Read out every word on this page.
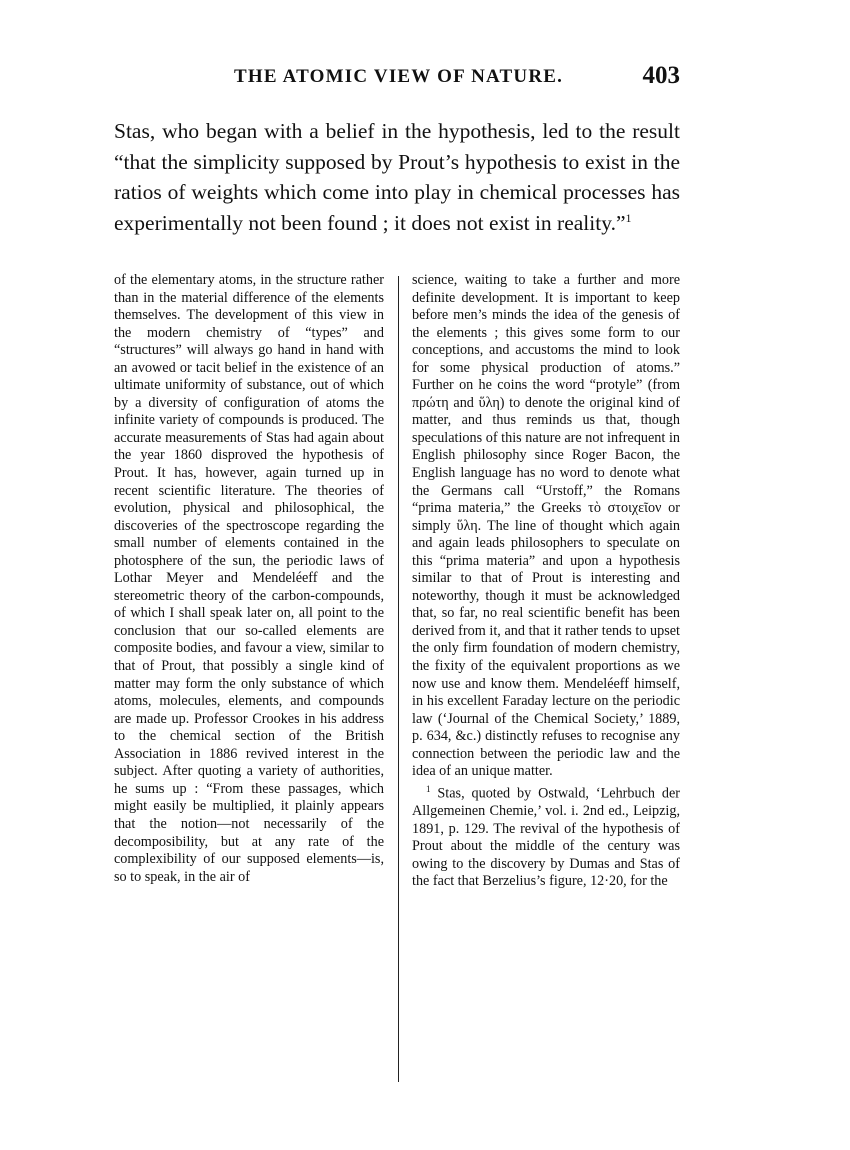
THE ATOMIC VIEW OF NATURE.	403

Stas, who began with a belief in the hypothesis, led to the result “that the simplicity supposed by Prout’s hypothesis to exist in the ratios of weights which come into play in chemical processes has experimentally not been found ; it does not exist in reality.”$^1$

of the elementary atoms, in the structure rather than in the material difference of the elements themselves. The development of this view in the modern chemistry of “types” and “structures” will always go hand in hand with an avowed or tacit belief in the existence of an ultimate uniformity of substance, out of which by a diversity of configuration of atoms the infinite variety of compounds is produced. The accurate measurements of Stas had again about the year 1860 disproved the hypothesis of Prout. It has, however, again turned up in recent scientific literature. The theories of evolution, physical and philosophical, the discoveries of the spectroscope regarding the small number of elements contained in the photosphere of the sun, the periodic laws of Lothar Meyer and Mendeléeff and the stereometric theory of the carbon-compounds, of which I shall speak later on, all point to the conclusion that our so-called elements are composite bodies, and favour a view, similar to that of Prout, that possibly a single kind of matter may form the only substance of which atoms, molecules, elements, and compounds are made up. Professor Crookes in his address to the chemical section of the British Association in 1886 revived interest in the subject. After quoting a variety of authorities, he sums up : “From these passages, which might easily be multiplied, it plainly appears that the notion—not necessarily of the decomposibility, but at any rate of the complexibility of our supposed elements—is, so to speak, in the air of

science, waiting to take a further and more definite development. It is important to keep before men’s minds the idea of the genesis of the elements ; this gives some form to our conceptions, and accustoms the mind to look for some physical production of atoms.” Further on he coins the word “protyle” (from πρώτη and ὕλη) to denote the original kind of matter, and thus reminds us that, though speculations of this nature are not infrequent in English philosophy since Roger Bacon, the English language has no word to denote what the Germans call “Urstoff,” the Romans “prima materia,” the Greeks τὸ στοιχεῖον or simply ὕλη. The line of thought which again and again leads philosophers to speculate on this “prima materia” and upon a hypothesis similar to that of Prout is interesting and noteworthy, though it must be acknowledged that, so far, no real scientific benefit has been derived from it, and that it rather tends to upset the only firm foundation of modern chemistry, the fixity of the equivalent proportions as we now use and know them. Mendeléeff himself, in his excellent Faraday lecture on the periodic law (‘Journal of the Chemical Society,’ 1889, p. 634, &c.) distinctly refuses to recognise any connection between the periodic law and the idea of an unique matter.

$^1$ Stas, quoted by Ostwald, ‘Lehrbuch der Allgemeinen Chemie,’ vol. i. 2nd ed., Leipzig, 1891, p. 129. The revival of the hypothesis of Prout about the middle of the century was owing to the discovery by Dumas and Stas of the fact that Berzelius’s figure, 12·20, for the
